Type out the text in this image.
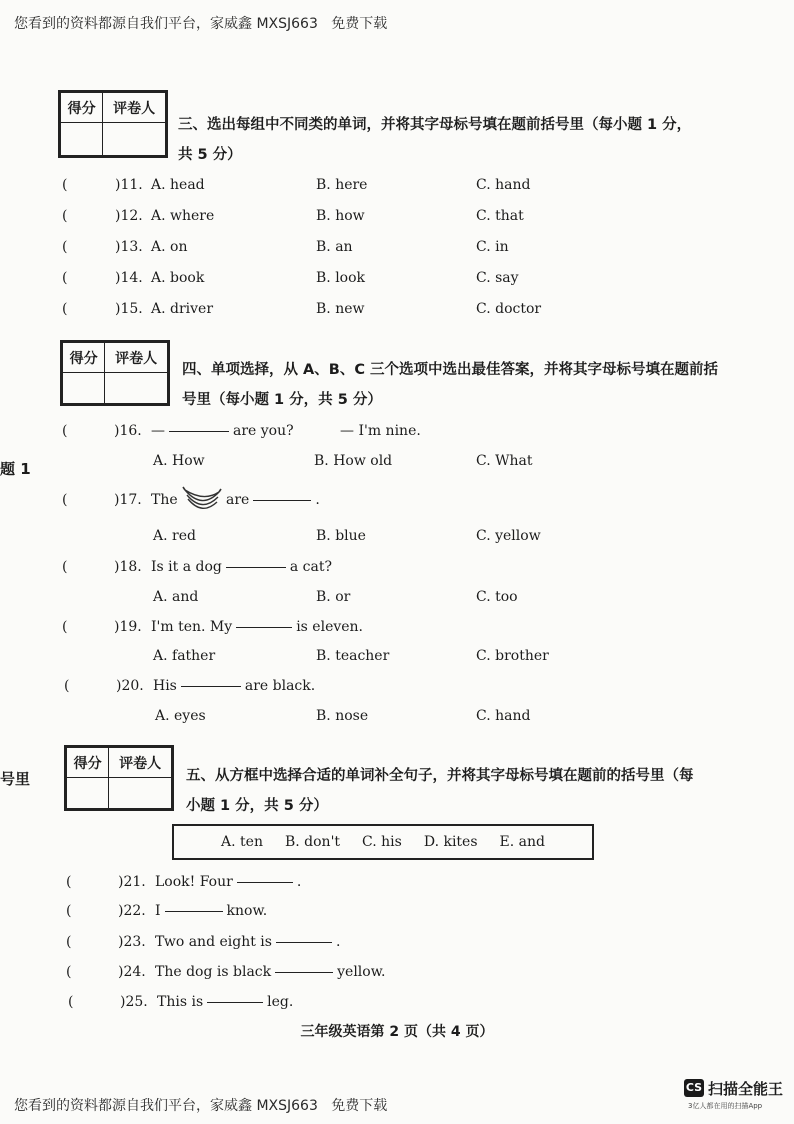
您看到的资料都源自我们平台，家威鑫 MXSJ663   免费下载
您看到的资料都源自我们平台，家威鑫 MXSJ663   免费下载
题 1
号里
得分	评卷人

三、选出每组中不同类的单词，并将其字母标号填在题前括号里（每小题 1 分，
共 5 分）
(	)11. A. head	B. here	C. hand
(	)12. A. where	B. how	C. that
(	)13. A. on	B. an	C. in
(	)14. A. book	B. look	C. say
(	)15. A. driver	B. new	C. doctor
得分	评卷人

四、单项选择，从 A、B、C 三个选项中选出最佳答案，并将其字母标号填在题前括
号里（每小题 1 分，共 5 分）
(	)16. —	are you?	— I'm nine.
A. How	B. How old	C. What
(	)17. The	are	.
A. red	B. blue	C. yellow
(	)18. Is it a dog	a cat?
A. and	B. or	C. too
(	)19. I'm ten. My	is eleven.
A. father	B. teacher	C. brother
(	)20. His	are black.
A. eyes	B. nose	C. hand
得分	评卷人

五、从方框中选择合适的单词补全句子，并将其字母标号填在题前的括号里（每
小题 1 分，共 5 分）
A. ten B. don't C. his D. kites E. and
(	)21. Look! Four	.
(	)22. I	know.
(	)23. Two and eight is	.
(	)24. The dog is black	yellow.
(	)25. This is	leg.
三年级英语第 2 页（共 4 页）
CS 扫描全能王
3亿人都在用的扫描App
